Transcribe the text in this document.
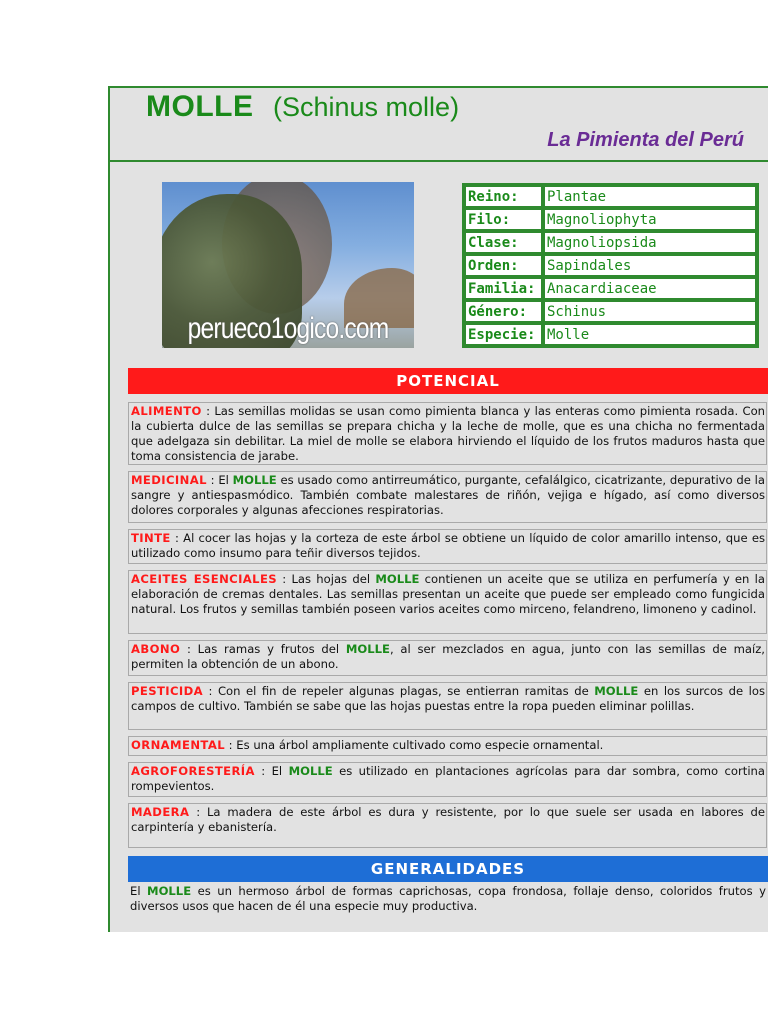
MOLLE (Schinus molle)
La Pimienta del Perú
perueco1ogico.com
Reino:	Plantae
Filo:	Magnoliophyta
Clase:	Magnoliopsida
Orden:	Sapindales
Familia:	Anacardiaceae
Género:	Schinus
Especie:	Molle
POTENCIAL
ALIMENTO : Las semillas molidas se usan como pimienta blanca y las enteras como pimienta rosada. Con la cubierta dulce de las semillas se prepara chicha y la leche de molle, que es una chicha no fermentada que adelgaza sin debilitar. La miel de molle se elabora hirviendo el líquido de los frutos maduros hasta que toma consistencia de jarabe.
MEDICINAL : El MOLLE es usado como antirreumático, purgante, cefalálgico, cicatrizante, depurativo de la sangre y antiespasmódico. También combate malestares de riñón, vejiga e hígado, así como diversos dolores corporales y algunas afecciones respiratorias.
TINTE : Al cocer las hojas y la corteza de este árbol se obtiene un líquido de color amarillo intenso, que es utilizado como insumo para teñir diversos tejidos.
ACEITES ESENCIALES : Las hojas del MOLLE contienen un aceite que se utiliza en perfumería y en la elaboración de cremas dentales. Las semillas presentan un aceite que puede ser empleado como fungicida natural. Los frutos y semillas también poseen varios aceites como mirceno, felandreno, limoneno y cadinol.
ABONO : Las ramas y frutos del MOLLE, al ser mezclados en agua, junto con las semillas de maíz, permiten la obtención de un abono.
PESTICIDA : Con el fin de repeler algunas plagas, se entierran ramitas de MOLLE en los surcos de los campos de cultivo. También se sabe que las hojas puestas entre la ropa pueden eliminar polillas.
ORNAMENTAL : Es una árbol ampliamente cultivado como especie ornamental.
AGROFORESTERÍA : El MOLLE es utilizado en plantaciones agrícolas para dar sombra, como cortina rompevientos.
MADERA : La madera de este árbol es dura y resistente, por lo que suele ser usada en labores de carpintería y ebanistería.
GENERALIDADES
El MOLLE es un hermoso árbol de formas caprichosas, copa frondosa, follaje denso, coloridos frutos y diversos usos que hacen de él una especie muy productiva.
